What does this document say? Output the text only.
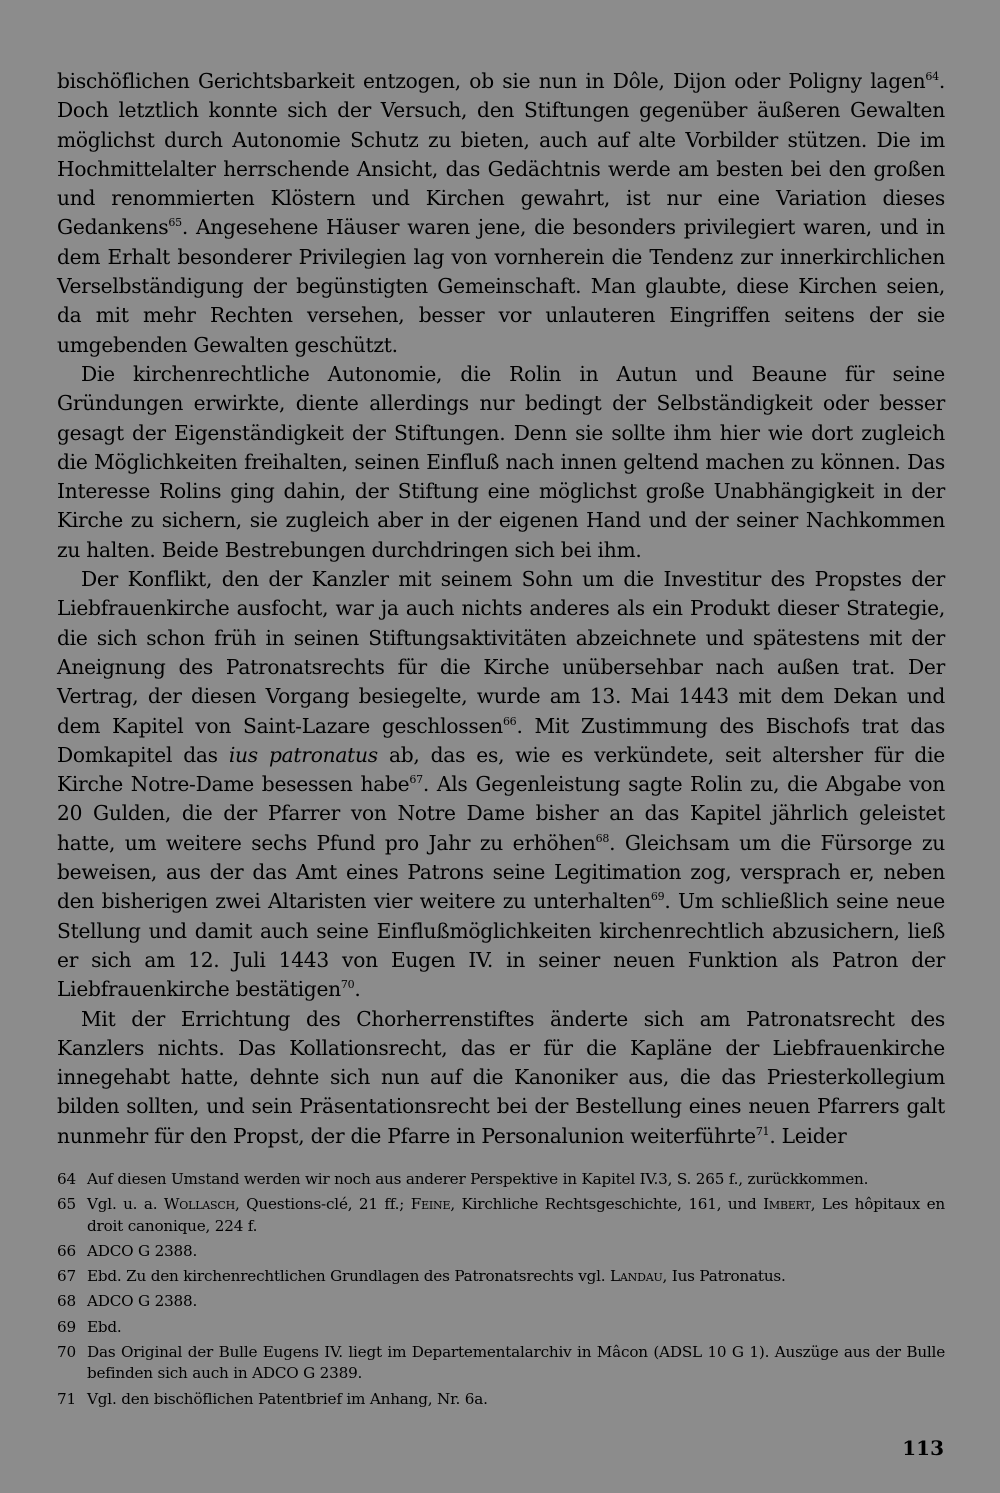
bischöflichen Gerichtsbarkeit entzogen, ob sie nun in Dôle, Dijon oder Poligny lagen$^{64}$. Doch letztlich konnte sich der Versuch, den Stiftungen gegenüber äußeren Gewalten möglichst durch Autonomie Schutz zu bieten, auch auf alte Vorbilder stützen. Die im Hochmittelalter herrschende Ansicht, das Gedächtnis werde am besten bei den großen und renommierten Klöstern und Kirchen gewahrt, ist nur eine Variation dieses Gedankens$^{65}$. Angesehene Häuser waren jene, die besonders privilegiert waren, und in dem Erhalt besonderer Privilegien lag von vornherein die Tendenz zur innerkirchlichen Verselbständigung der begünstigten Gemeinschaft. Man glaubte, diese Kirchen seien, da mit mehr Rechten versehen, besser vor unlauteren Eingriffen seitens der sie umgebenden Gewalten geschützt.

Die kirchenrechtliche Autonomie, die Rolin in Autun und Beaune für seine Gründungen erwirkte, diente allerdings nur bedingt der Selbständigkeit oder besser gesagt der Eigenständigkeit der Stiftungen. Denn sie sollte ihm hier wie dort zugleich die Möglichkeiten freihalten, seinen Einfluß nach innen geltend machen zu können. Das Interesse Rolins ging dahin, der Stiftung eine möglichst große Unabhängigkeit in der Kirche zu sichern, sie zugleich aber in der eigenen Hand und der seiner Nachkommen zu halten. Beide Bestrebungen durchdringen sich bei ihm.

Der Konflikt, den der Kanzler mit seinem Sohn um die Investitur des Propstes der Liebfrauenkirche ausfocht, war ja auch nichts anderes als ein Produkt dieser Strategie, die sich schon früh in seinen Stiftungsaktivitäten abzeichnete und spätestens mit der Aneignung des Patronatsrechts für die Kirche unübersehbar nach außen trat. Der Vertrag, der diesen Vorgang besiegelte, wurde am 13. Mai 1443 mit dem Dekan und dem Kapitel von Saint-Lazare geschlossen$^{66}$. Mit Zustimmung des Bischofs trat das Domkapitel das ius patronatus ab, das es, wie es verkündete, seit altersher für die Kirche Notre-Dame besessen habe$^{67}$. Als Gegenleistung sagte Rolin zu, die Abgabe von 20 Gulden, die der Pfarrer von Notre Dame bisher an das Kapitel jährlich geleistet hatte, um weitere sechs Pfund pro Jahr zu erhöhen$^{68}$. Gleichsam um die Fürsorge zu beweisen, aus der das Amt eines Patrons seine Legitimation zog, versprach er, neben den bisherigen zwei Altaristen vier weitere zu unterhalten$^{69}$. Um schließlich seine neue Stellung und damit auch seine Einflußmöglichkeiten kirchenrechtlich abzusichern, ließ er sich am 12. Juli 1443 von Eugen IV. in seiner neuen Funktion als Patron der Liebfrauenkirche bestätigen$^{70}$.

Mit der Errichtung des Chorherrenstiftes änderte sich am Patronatsrecht des Kanzlers nichts. Das Kollationsrecht, das er für die Kapläne der Liebfrauenkirche innegehabt hatte, dehnte sich nun auf die Kanoniker aus, die das Priesterkollegium bilden sollten, und sein Präsentationsrecht bei der Bestellung eines neuen Pfarrers galt nunmehr für den Propst, der die Pfarre in Personalunion weiterführte$^{71}$. Leider

64 Auf diesen Umstand werden wir noch aus anderer Perspektive in Kapitel IV.3, S. 265 f., zurückkommen.
65 Vgl. u. a. Wollasch, Questions-clé, 21 ff.; Feine, Kirchliche Rechtsgeschichte, 161, und Imbert, Les hôpitaux en droit canonique, 224 f.
66 ADCO G 2388.
67 Ebd. Zu den kirchenrechtlichen Grundlagen des Patronatsrechts vgl. Landau, Ius Patronatus.
68 ADCO G 2388.
69 Ebd.
70 Das Original der Bulle Eugens IV. liegt im Departementalarchiv in Mâcon (ADSL 10 G 1). Auszüge aus der Bulle befinden sich auch in ADCO G 2389.
71 Vgl. den bischöflichen Patentbrief im Anhang, Nr. 6a.
113
